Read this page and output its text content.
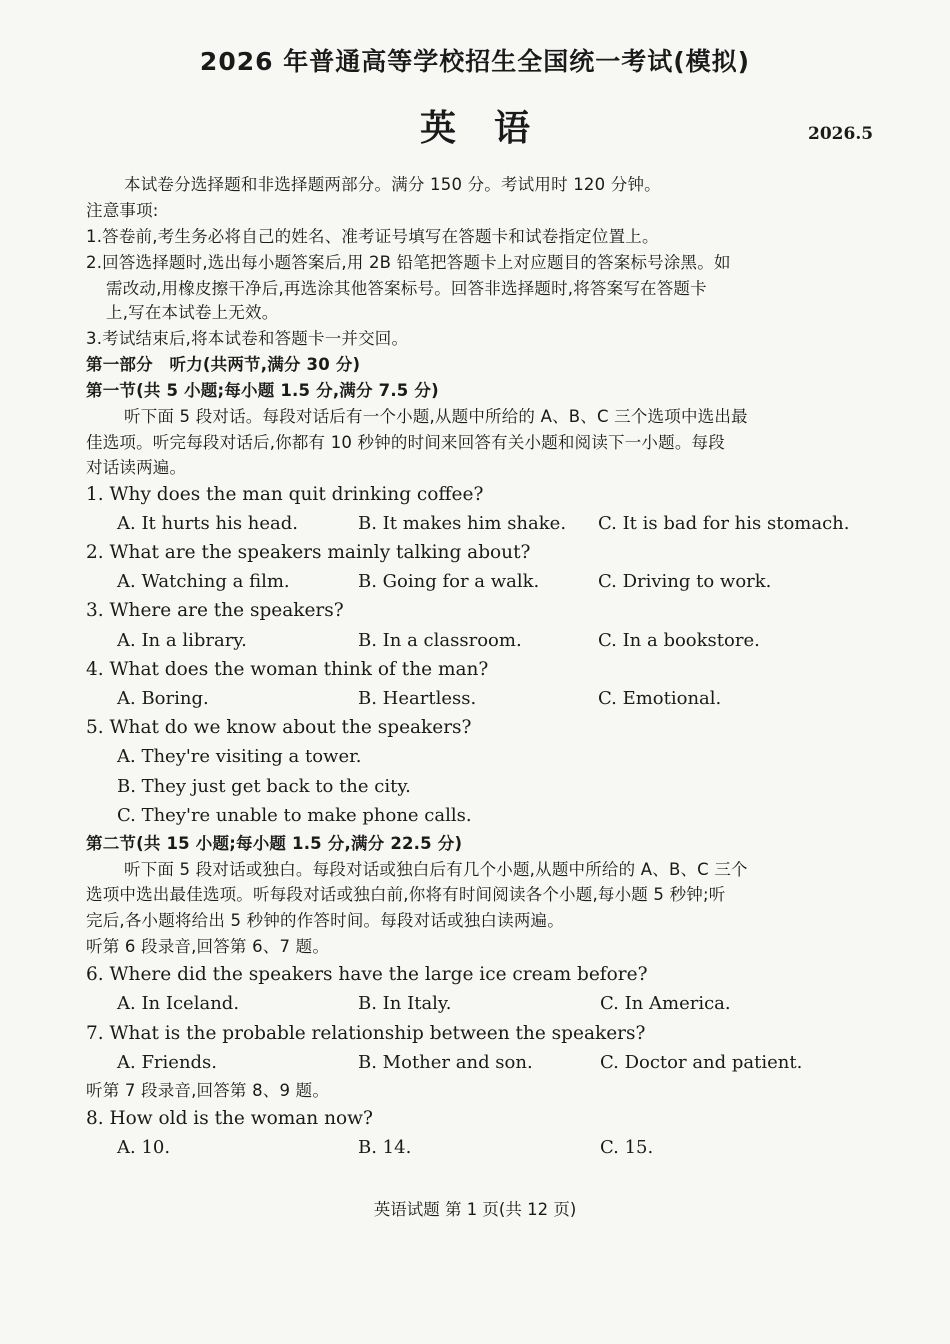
2026 年普通高等学校招生全国统一考试(模拟)
英语	2026.5
本试卷分选择题和非选择题两部分。满分 150 分。考试用时 120 分钟。
注意事项:
1.答卷前,考生务必将自己的姓名、准考证号填写在答题卡和试卷指定位置上。
2.回答选择题时,选出每小题答案后,用 2B 铅笔把答题卡上对应题目的答案标号涂黑。如
需改动,用橡皮擦干净后,再选涂其他答案标号。回答非选择题时,将答案写在答题卡
上,写在本试卷上无效。
3.考试结束后,将本试卷和答题卡一并交回。
第一部分　听力(共两节,满分 30 分)
第一节(共 5 小题;每小题 1.5 分,满分 7.5 分)
听下面 5 段对话。每段对话后有一个小题,从题中所给的 A、B、C 三个选项中选出最
佳选项。听完每段对话后,你都有 10 秒钟的时间来回答有关小题和阅读下一小题。每段
对话读两遍。
1. Why does the man quit drinking coffee?
A. It hurts his head.	B. It makes him shake. C. It is bad for his stomach.
2. What are the speakers mainly talking about?
A. Watching a film.	B. Going for a walk.	C. Driving to work.
3. Where are the speakers?
A. In a library.	B. In a classroom.	C. In a bookstore.
4. What does the woman think of the man?
A. Boring.	B. Heartless.	C. Emotional.
5. What do we know about the speakers?
A. They're visiting a tower.
B. They just get back to the city.
C. They're unable to make phone calls.
第二节(共 15 小题;每小题 1.5 分,满分 22.5 分)
听下面 5 段对话或独白。每段对话或独白后有几个小题,从题中所给的 A、B、C 三个
选项中选出最佳选项。听每段对话或独白前,你将有时间阅读各个小题,每小题 5 秒钟;听
完后,各小题将给出 5 秒钟的作答时间。每段对话或独白读两遍。
听第 6 段录音,回答第 6、7 题。
6. Where did the speakers have the large ice cream before?
A. In Iceland.	B. In Italy.	C. In America.
7. What is the probable relationship between the speakers?
A. Friends.	B. Mother and son.	C. Doctor and patient.
听第 7 段录音,回答第 8、9 题。
8. How old is the woman now?
A. 10.	B. 14.	C. 15.
英语试题 第 1 页(共 12 页)
